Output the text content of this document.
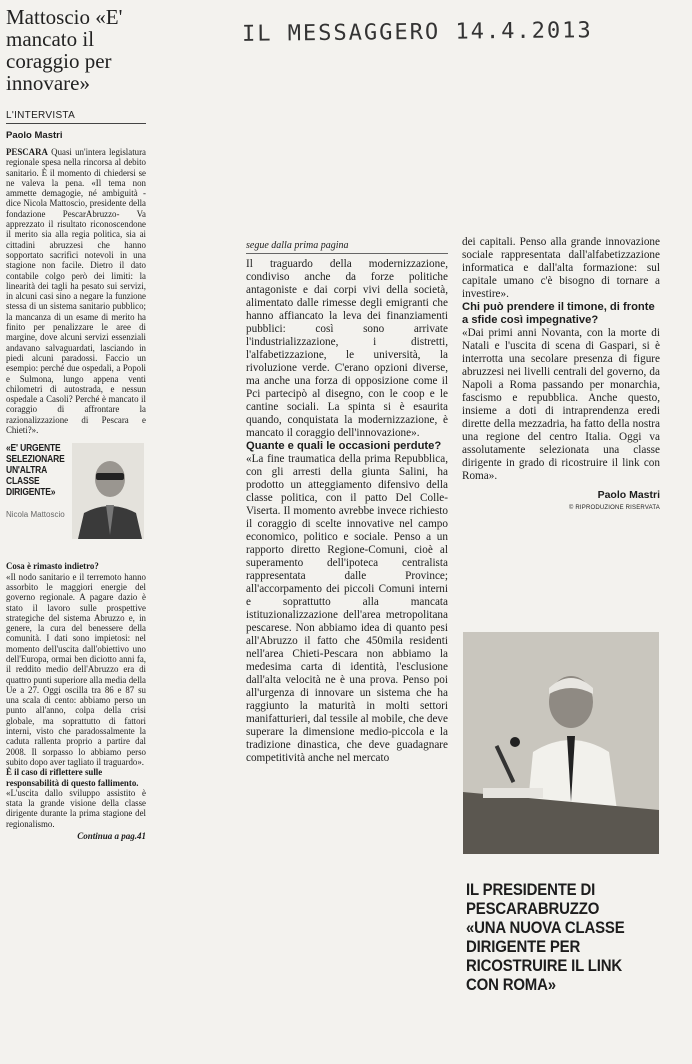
IL MESSAGGERO 14.4.2013
Mattoscio «E' mancato il coraggio per innovare»
L'INTERVISTA
Paolo Mastri

PESCARA Quasi un'intera legislatura regionale spesa nella rincorsa al debito sanitario. È il momento di chiedersi se ne valeva la pena. «Il tema non ammette demagogie, né ambiguità -dice Nicola Mattoscio, presidente della fondazione PescarAbruzzo- Va apprezzato il risultato riconoscendone il merito sia alla regia politica, sia ai cittadini abruzzesi che hanno sopportato sacrifici notevoli in una stagione non facile. Dietro il dato contabile colgo però dei limiti: la linearità dei tagli ha pesato sui servizi, in alcuni casi sino a negare la funzione stessa di un sistema sanitario pubblico; la mancanza di un esame di merito ha finito per penalizzare le aree di margine, dove alcuni servizi essenziali andavano salvaguardati, lasciando in piedi alcuni paradossi. Faccio un esempio: perché due ospedali, a Popoli e Sulmona, lungo appena venti chilometri di autostrada, e nessun ospedale a Casoli? Perché è mancato il coraggio di affrontare la razionalizzazione di Pescara e Chieti?».

«E' URGENTE SELEZIONARE UN'ALTRA CLASSE DIRIGENTE»
Nicola Mattoscio

Cosa è rimasto indietro?

«Il nodo sanitario e il terremoto hanno assorbito le maggiori energie del governo regionale. A pagare dazio è stato il lavoro sulle prospettive strategiche del sistema Abruzzo e, in genere, la cura del benessere della comunità. I dati sono impietosi: nel momento dell'uscita dall'obiettivo uno dell'Europa, ormai ben diciotto anni fa, il reddito medio dell'Abruzzo era di quattro punti superiore alla media della Ue a 27. Oggi oscilla tra 86 e 87 su una scala di cento: abbiamo perso un punto all'anno, colpa della crisi globale, ma soprattutto di fattori interni, visto che paradossalmente la caduta rallenta proprio a partire dal 2008. Il sorpasso lo abbiamo perso subito dopo aver tagliato il traguardo».

È il caso di riflettere sulle responsabilità di questo fallimento.

«L'uscita dallo sviluppo assistito è stata la grande visione della classe dirigente durante la prima stagione del regionalismo.

Continua a pag.41
segue dalla prima pagina

Il traguardo della modernizzazione, condiviso anche da forze politiche antagoniste e dai corpi vivi della società, alimentato dalle rimesse degli emigranti che hanno affiancato la leva dei finanziamenti pubblici: così sono arrivate l'industrializzazione, i distretti, l'alfabetizzazione, le università, la rivoluzione verde. C'erano opzioni diverse, ma anche una forza di opposizione come il Pci partecipò al disegno, con le coop e le cantine sociali. La spinta si è esaurita quando, conquistata la modernizzazione, è mancato il coraggio dell'innovazione».

Quante e quali le occasioni perdute?

«La fine traumatica della prima Repubblica, con gli arresti della giunta Salini, ha prodotto un atteggiamento difensivo della classe politica, con il patto Del Colle-Viserta. Il momento avrebbe invece richiesto il coraggio di scelte innovative nel campo economico, politico e sociale. Penso a un rapporto diretto Regione-Comuni, cioè al superamento dell'ipoteca centralista rappresentata dalle Province; all'accorpamento dei piccoli Comuni interni e soprattutto alla mancata istituzionalizzazione dell'area metropolitana pescarese. Non abbiamo idea di quanto pesi all'Abruzzo il fatto che 450mila residenti nell'area Chieti-Pescara non abbiamo la medesima carta di identità, l'esclusione dall'alta velocità ne è una prova. Penso poi all'urgenza di innovare un sistema che ha raggiunto la maturità in molti settori manifatturieri, dal tessile al mobile, che deve superare la dimensione medio-piccola e la tradizione dinastica, che deve guadagnare competitività anche nel mercato

dei capitali. Penso alla grande innovazione sociale rappresentata dall'alfabetizzazione informatica e dall'alta formazione: sul capitale umano c'è bisogno di tornare a investire».

Chi può prendere il timone, di fronte a sfide così impegnative?

«Dai primi anni Novanta, con la morte di Natali e l'uscita di scena di Gaspari, si è interrotta una secolare presenza di figure abruzzesi nei livelli centrali del governo, da Napoli a Roma passando per monarchia, fascismo e repubblica. Anche questo, insieme a doti di intraprendenza eredi dirette della mezzadria, ha fatto della nostra una regione del centro Italia. Oggi va assolutamente selezionata una classe dirigente in grado di ricostruire il link con Roma».

Paolo Mastri
© RIPRODUZIONE RISERVATA
IL PRESIDENTE DI PESCARABRUZZO «UNA NUOVA CLASSE DIRIGENTE PER RICOSTRUIRE IL LINK CON ROMA»
